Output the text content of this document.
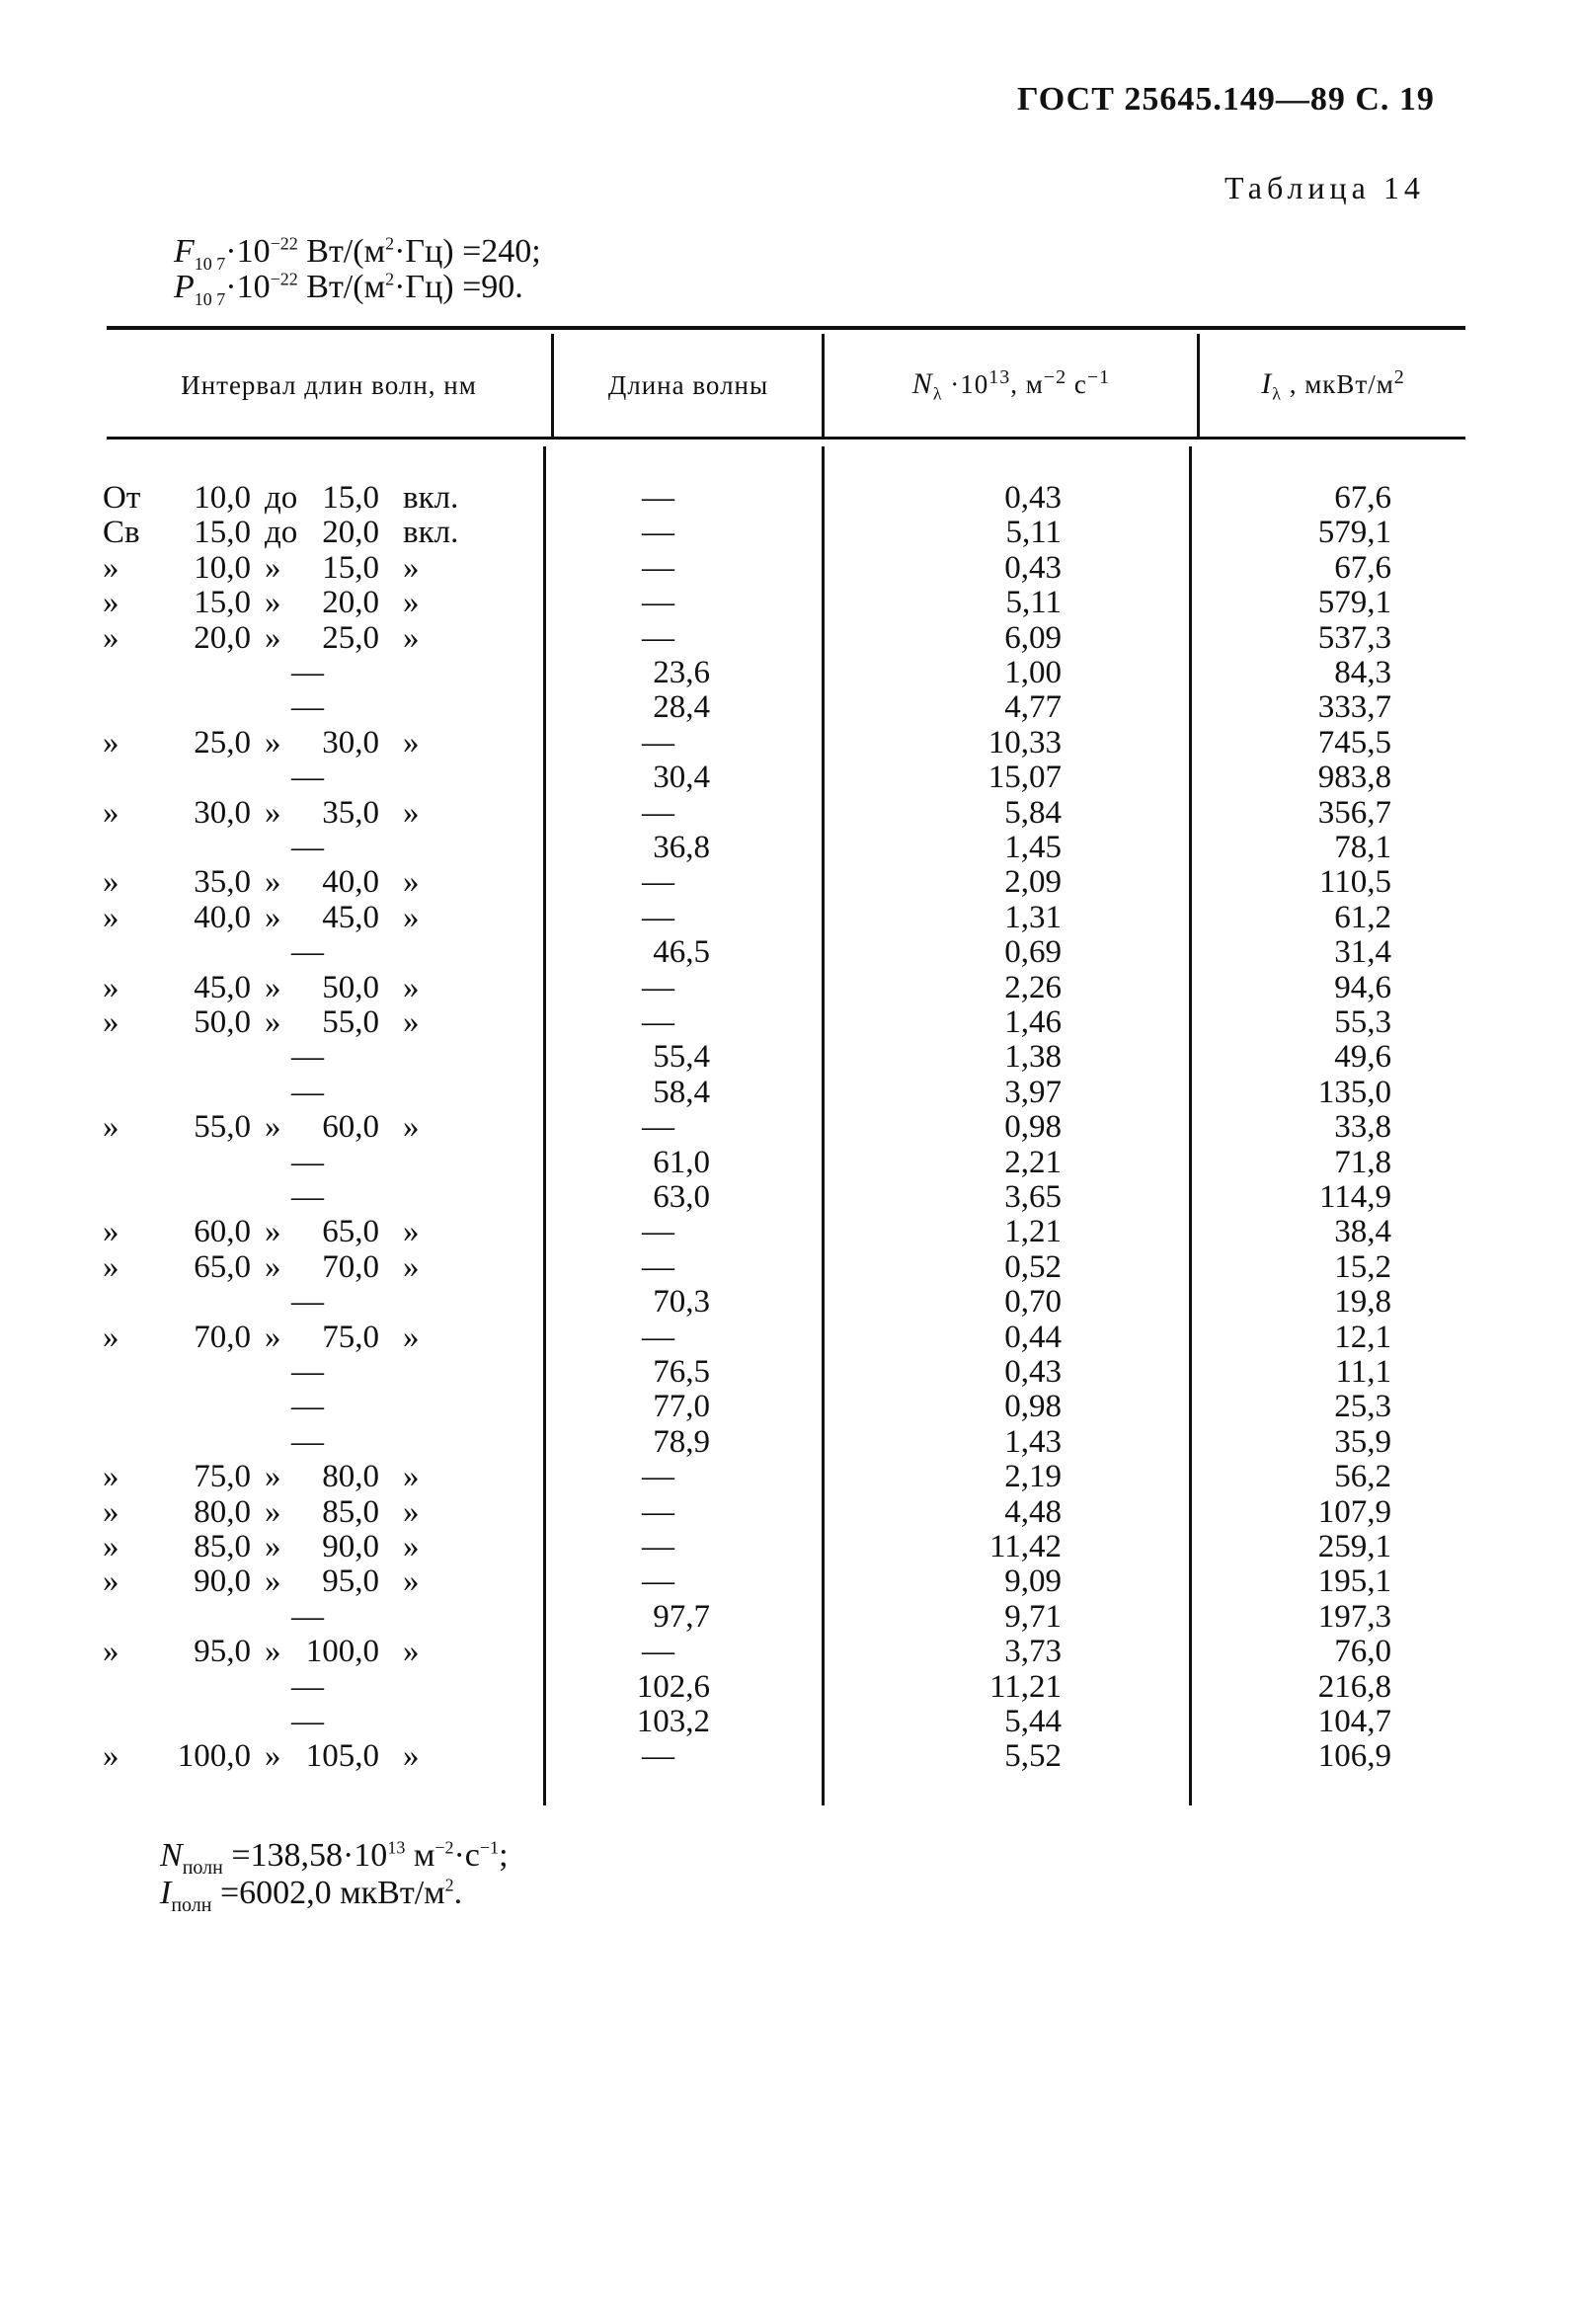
ГОСТ 25645.149—89 С. 19
Таблица 14
$F_{10 7}\cdot 10^{-22}$ $Вт/(м^2\cdot Гц) =240$;
$P_{10 7}\cdot 10^{-22}$ $Вт/(м^2\cdot Гц) =90$.
Интервал длин волн, нм	Длина волны	$N_\lambda \cdot 10^{13}$, $м^{-2}$ $с^{-1}$	$I_\lambda$ , мкВт/$м^2$
От 10,0 до 15,0 вкл.	—	0,43	67,6
Св 15,0 до 20,0 вкл.	—	5,11	579,1
» 10,0 » 15,0 »	—	0,43	67,6
» 15,0 » 20,0 »	—	5,11	579,1
» 20,0 » 25,0 »	—	6,09	537,3
—	23,6	1,00	84,3
—	28,4	4,77	333,7
» 25,0 » 30,0 »	—	10,33	745,5
—	30,4	15,07	983,8
» 30,0 » 35,0 »	—	5,84	356,7
—	36,8	1,45	78,1
» 35,0 » 40,0 »	—	2,09	110,5
» 40,0 » 45,0 »	—	1,31	61,2
—	46,5	0,69	31,4
» 45,0 » 50,0 »	—	2,26	94,6
» 50,0 » 55,0 »	—	1,46	55,3
—	55,4	1,38	49,6
—	58,4	3,97	135,0
» 55,0 » 60,0 »	—	0,98	33,8
—	61,0	2,21	71,8
—	63,0	3,65	114,9
» 60,0 » 65,0 »	—	1,21	38,4
» 65,0 » 70,0 »	—	0,52	15,2
—	70,3	0,70	19,8
» 70,0 » 75,0 »	—	0,44	12,1
—	76,5	0,43	11,1
—	77,0	0,98	25,3
—	78,9	1,43	35,9
» 75,0 » 80,0 »	—	2,19	56,2
» 80,0 » 85,0 »	—	4,48	107,9
» 85,0 » 90,0 »	—	11,42	259,1
» 90,0 » 95,0 »	—	9,09	195,1
—	97,7	9,71	197,3
» 95,0 » 100,0 »	—	3,73	76,0
—	102,6	11,21	216,8
—	103,2	5,44	104,7
» 100,0 » 105,0 »	—	5,52	106,9
$N_{полн} =138,58\cdot 10^{13}$ $м^{-2}\cdot с^{-1}$;
$I_{полн} =6002,0$ мкВт/$м^2$.
